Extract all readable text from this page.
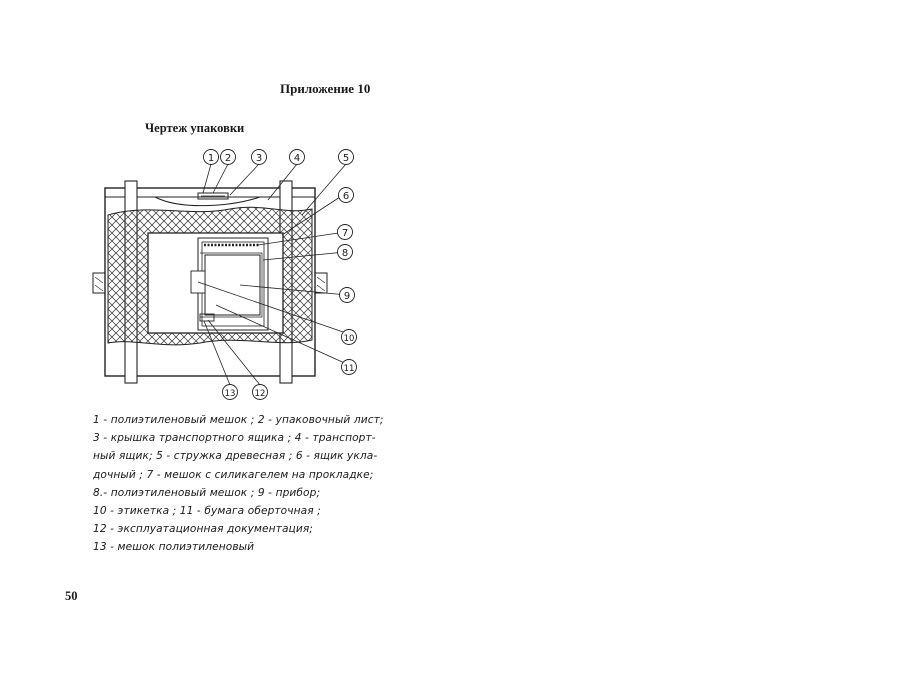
Приложение 10
Чертеж упаковки
1 2 3	4	5
6
7
8
9
10
11
13 12
1 - полиэтиленовый мешок ; 2 - упаковочный лист;
3 - крышка транспортного ящика ; 4 - транспорт-
ный ящик; 5 - стружка древесная ; 6 - ящик укла-
дочный ; 7 - мешок с силикагелем на прокладке;
8.- полиэтиленовый мешок ; 9 - прибор;
10 - этикетка ; 11 - бумага оберточная ;
12 - эксплуатационная документация;
13 - мешок полиэтиленовый
50
